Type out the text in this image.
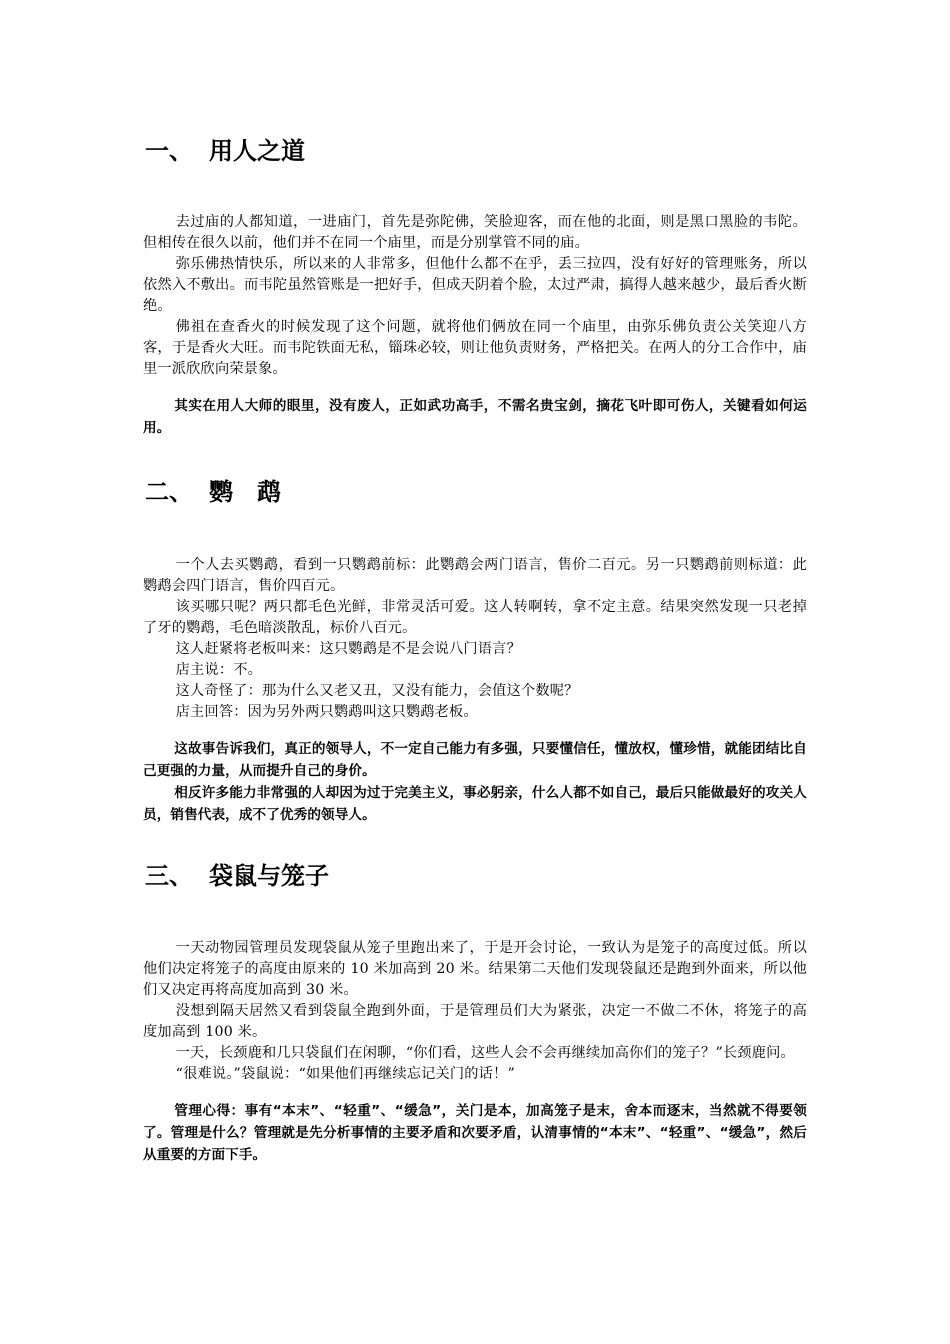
一、 用人之道

去过庙的人都知道，一进庙门，首先是弥陀佛，笑脸迎客，而在他的北面，则是黑口黑脸的韦陀。但相传在很久以前，他们并不在同一个庙里，而是分别掌管不同的庙。

弥乐佛热情快乐，所以来的人非常多，但他什么都不在乎，丢三拉四，没有好好的管理账务，所以依然入不敷出。而韦陀虽然管账是一把好手，但成天阴着个脸，太过严肃，搞得人越来越少，最后香火断绝。

佛祖在查香火的时候发现了这个问题，就将他们俩放在同一个庙里，由弥乐佛负责公关笑迎八方客，于是香火大旺。而韦陀铁面无私，锱珠必较，则让他负责财务，严格把关。在两人的分工合作中，庙里一派欣欣向荣景象。

其实在用人大师的眼里，没有废人，正如武功高手，不需名贵宝剑，摘花飞叶即可伤人，关键看如何运用。

二、 鹦　鹉

一个人去买鹦鹉，看到一只鹦鹉前标：此鹦鹉会两门语言，售价二百元。另一只鹦鹉前则标道：此鹦鹉会四门语言，售价四百元。

该买哪只呢？两只都毛色光鲜，非常灵活可爱。这人转啊转，拿不定主意。结果突然发现一只老掉了牙的鹦鹉，毛色暗淡散乱，标价八百元。

这人赶紧将老板叫来：这只鹦鹉是不是会说八门语言？

店主说：不。

这人奇怪了：那为什么又老又丑，又没有能力，会值这个数呢？

店主回答：因为另外两只鹦鹉叫这只鹦鹉老板。

这故事告诉我们，真正的领导人，不一定自己能力有多强，只要懂信任，懂放权，懂珍惜，就能团结比自己更强的力量，从而提升自己的身价。

相反许多能力非常强的人却因为过于完美主义，事必躬亲，什么人都不如自己，最后只能做最好的攻关人员，销售代表，成不了优秀的领导人。

三、 袋鼠与笼子

一天动物园管理员发现袋鼠从笼子里跑出来了，于是开会讨论，一致认为是笼子的高度过低。所以他们决定将笼子的高度由原来的 10 米加高到 20 米。结果第二天他们发现袋鼠还是跑到外面来，所以他们又决定再将高度加高到 30 米。

没想到隔天居然又看到袋鼠全跑到外面，于是管理员们大为紧张，决定一不做二不休，将笼子的高度加高到 100 米。

一天，长颈鹿和几只袋鼠们在闲聊，“你们看，这些人会不会再继续加高你们的笼子？”长颈鹿问。

“很难说。”袋鼠说：“如果他们再继续忘记关门的话！”

管理心得：事有“本末”、“轻重”、“缓急”，关门是本，加高笼子是末，舍本而逐末，当然就不得要领了。管理是什么？管理就是先分析事情的主要矛盾和次要矛盾，认清事情的“本末”、“轻重”、“缓急”，然后从重要的方面下手。
